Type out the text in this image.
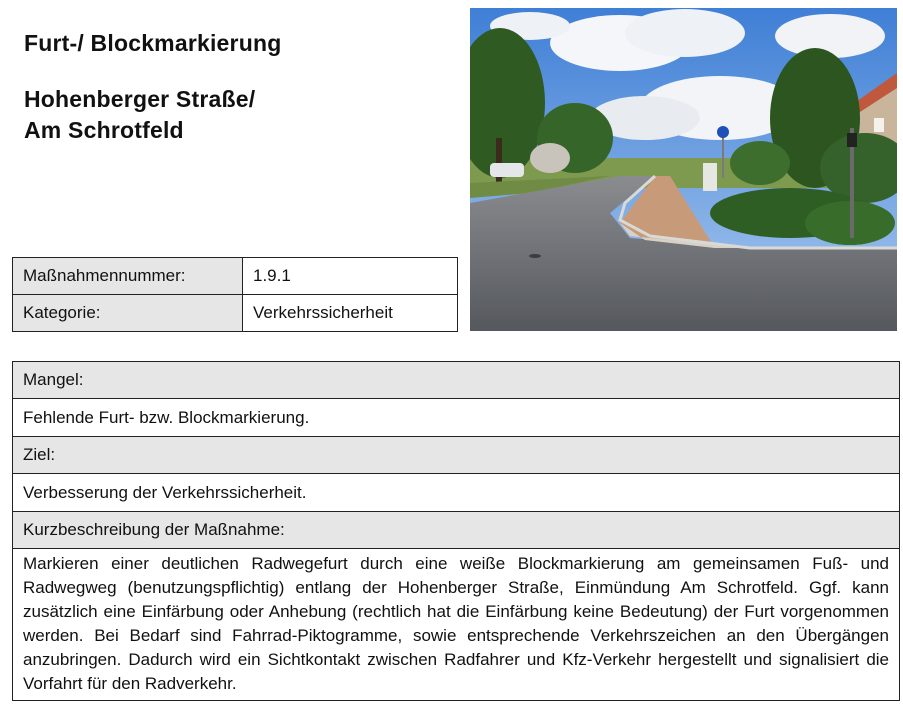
Furt-/ Blockmarkierung
Hohenberger Straße/
Am Schrotfeld
Maßnahmennummer:	1.9.1
Kategorie:	Verkehrssicherheit
Mangel:
Fehlende Furt- bzw. Blockmarkierung.
Ziel:
Verbesserung der Verkehrssicherheit.
Kurzbeschreibung der Maßnahme:
Markieren einer deutlichen Radwegefurt durch eine weiße Blockmarkierung am gemeinsamen Fuß- und Radwegweg (benutzungspflichtig) entlang der Hohenberger Straße, Einmündung Am Schrotfeld. Ggf. kann zusätzlich eine Einfärbung oder Anhebung (rechtlich hat die Einfärbung keine Bedeutung) der Furt vorgenommen werden. Bei Bedarf sind Fahrrad-Piktogramme, sowie entsprechende Verkehrszeichen an den Übergängen anzubringen. Dadurch wird ein Sichtkontakt zwischen Radfahrer und Kfz-Verkehr hergestellt und signalisiert die Vorfahrt für den Radverkehr.
